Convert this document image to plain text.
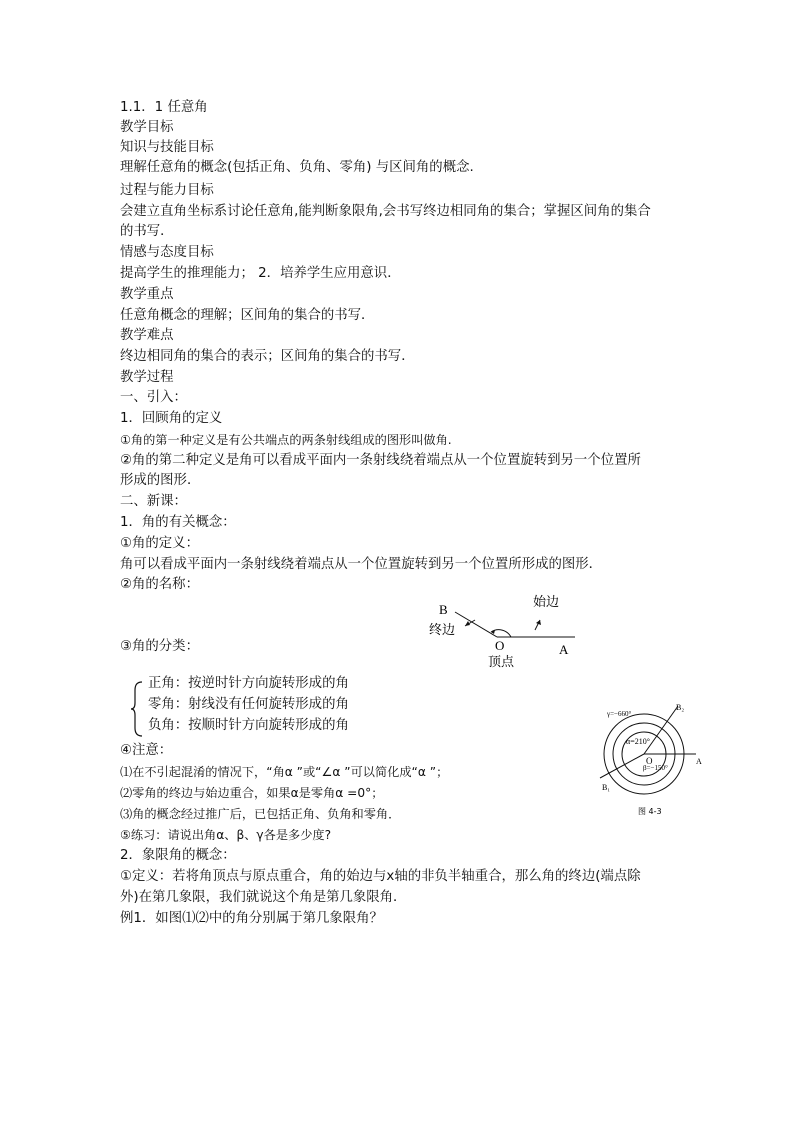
1.1．1 任意角
教学目标
知识与技能目标
理解任意角的概念(包括正角、负角、零角) 与区间角的概念.
过程与能力目标
会建立直角坐标系讨论任意角,能判断象限角,会书写终边相同角的集合；掌握区间角的集合
的书写．
情感与态度目标
提高学生的推理能力； 2．培养学生应用意识．
教学重点
任意角概念的理解；区间角的集合的书写．
教学难点
终边相同角的集合的表示；区间角的集合的书写．
教学过程
一、引入：
1．回顾角的定义
①角的第一种定义是有公共端点的两条射线组成的图形叫做角.
②角的第二种定义是角可以看成平面内一条射线绕着端点从一个位置旋转到另一个位置所
形成的图形．
二、新课：
1．角的有关概念：
①角的定义：
角可以看成平面内一条射线绕着端点从一个位置旋转到另一个位置所形成的图形．
②角的名称：
③角的分类：
B
终边
始边
O
顶点
A
正角：按逆时针方向旋转形成的角
零角：射线没有任何旋转形成的角
负角：按顺时针方向旋转形成的角
γ=−660°
α=210°
O
β=−150°
A
B₂
B₁
图 4-3
④注意：
⑴在不引起混淆的情况下，“角α ”或“∠α ”可以简化成“α ”；
⑵零角的终边与始边重合，如果α是零角α =0°；
⑶角的概念经过推广后，已包括正角、负角和零角．
⑤练习：请说出角α、β、γ各是多少度?
2．象限角的概念：
①定义：若将角顶点与原点重合，角的始边与x轴的非负半轴重合，那么角的终边(端点除
外)在第几象限，我们就说这个角是第几象限角．
例1．如图⑴⑵中的角分别属于第几象限角？
